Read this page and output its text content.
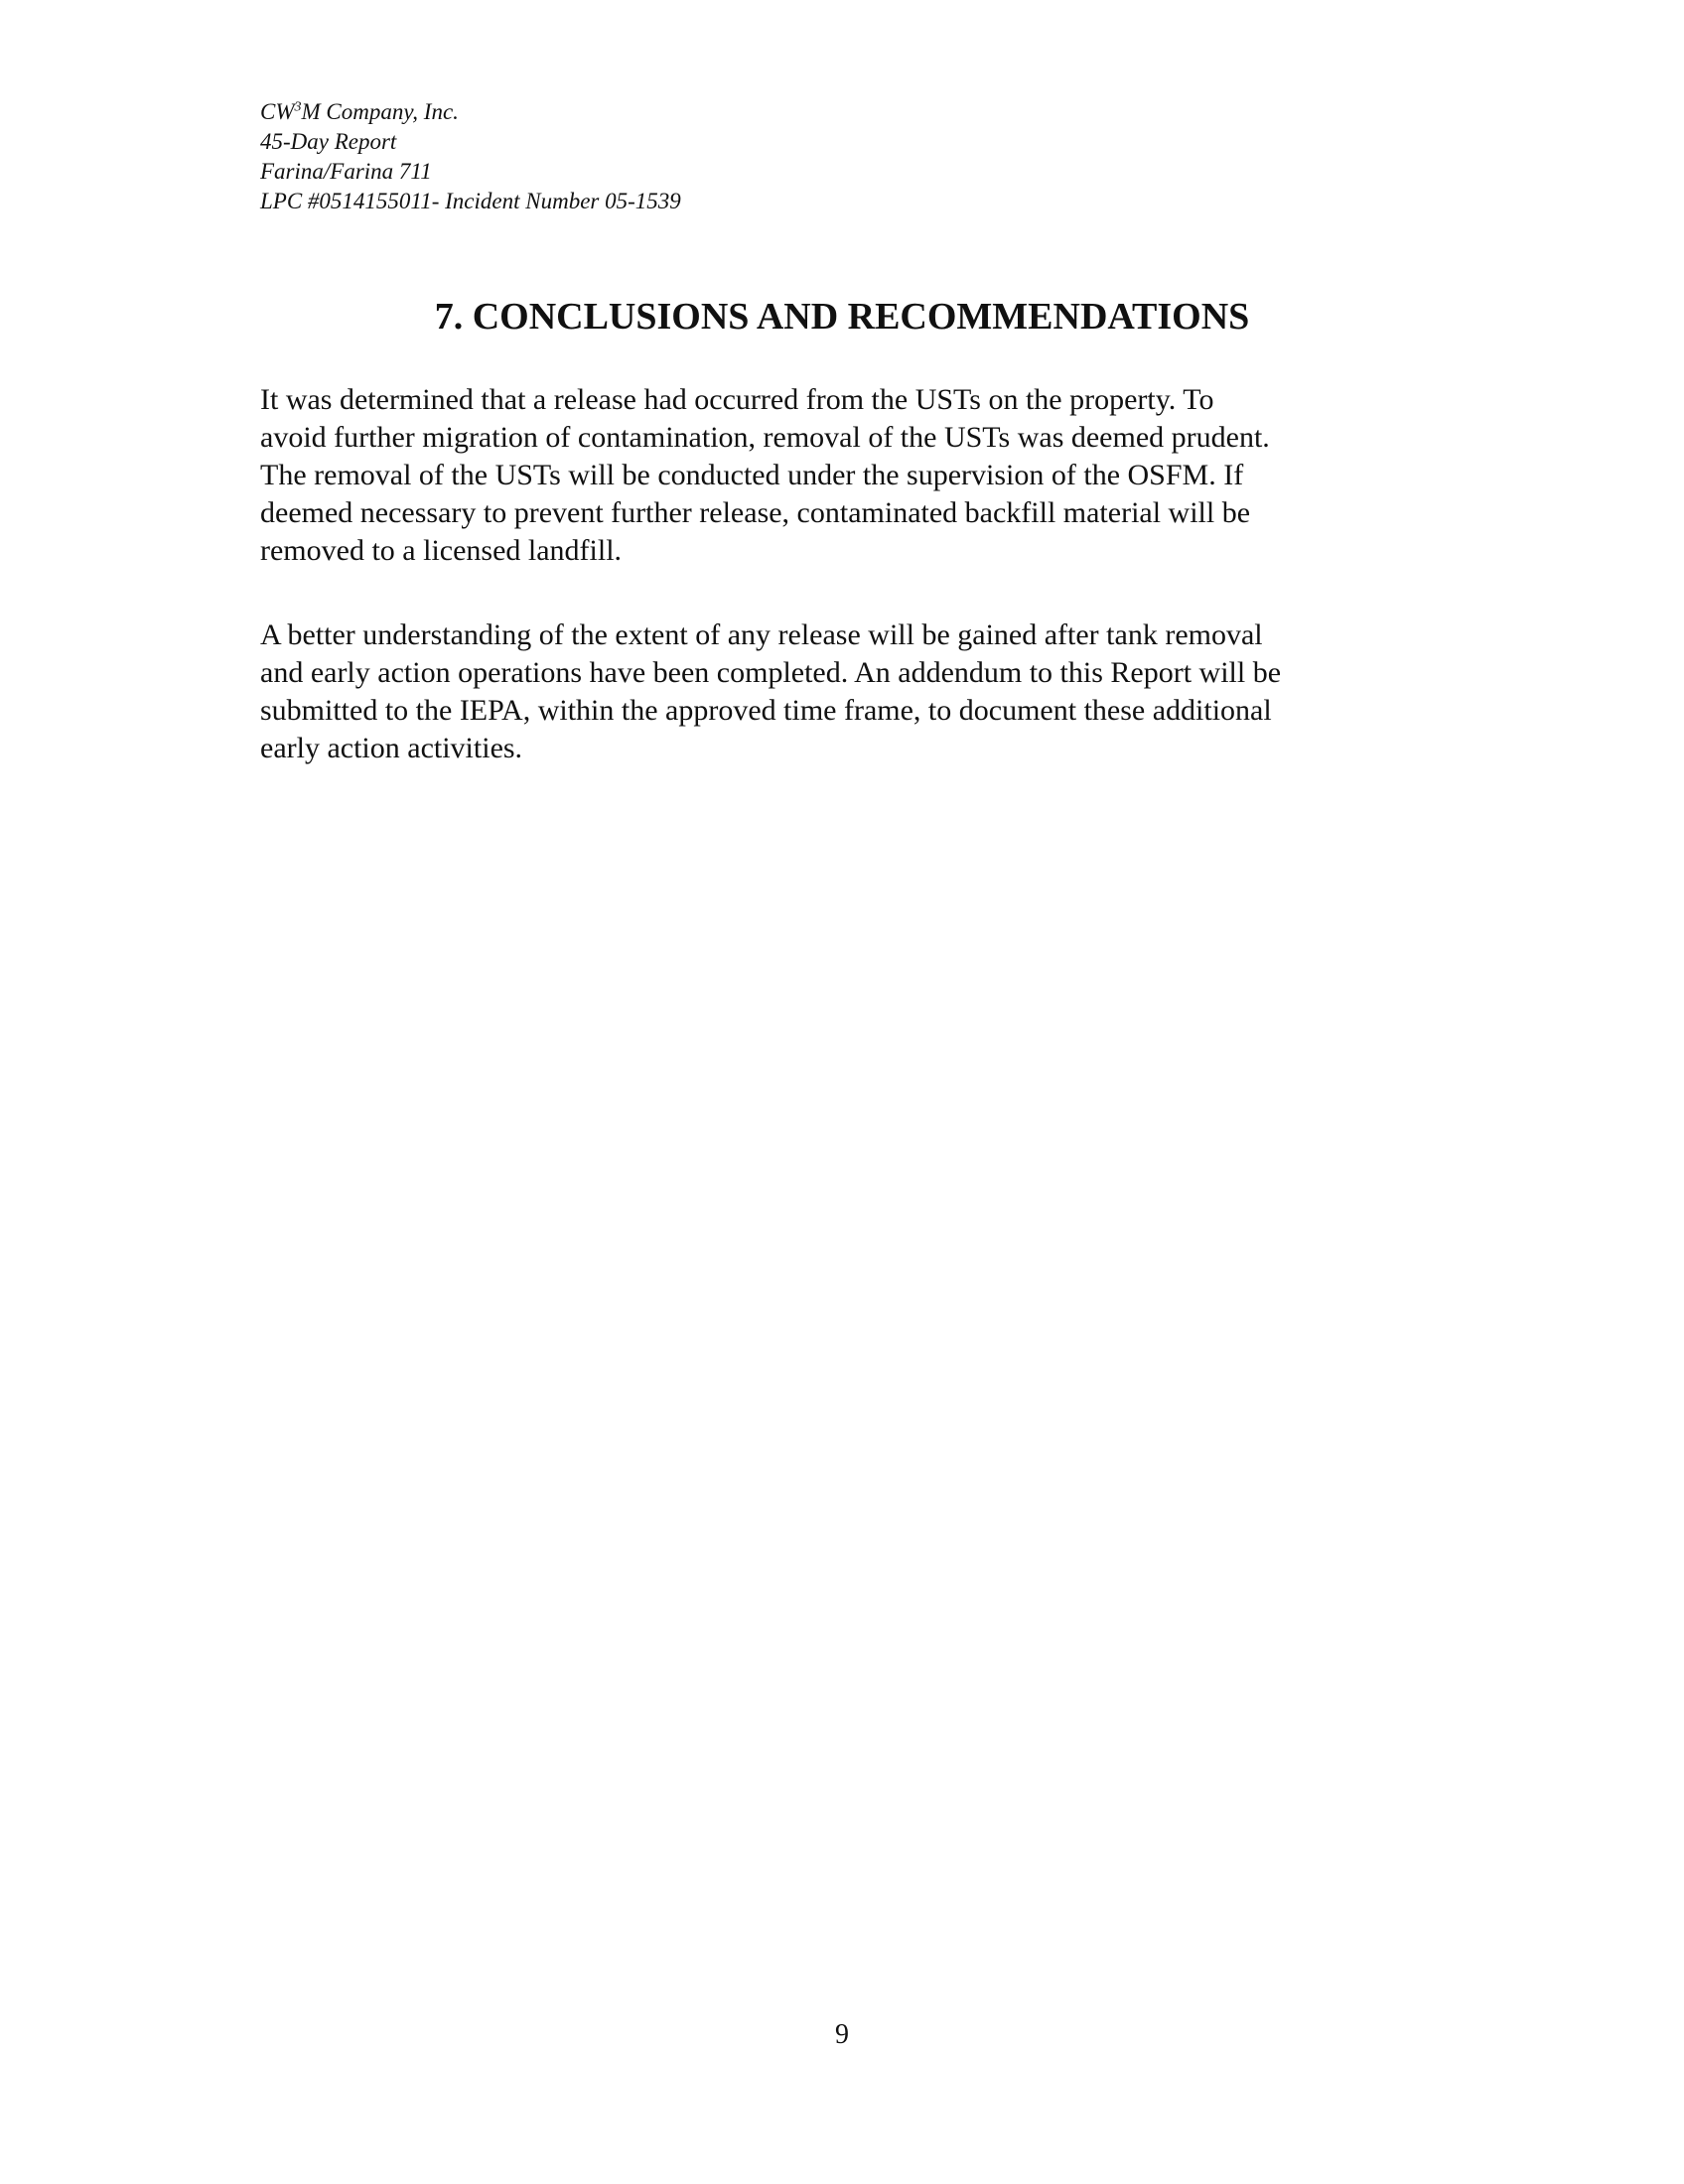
$CW^3M$ Company, Inc.
45-Day Report
Farina/Farina 711
LPC #0514155011- Incident Number 05-1539
7. CONCLUSIONS AND RECOMMENDATIONS

It was determined that a release had occurred from the USTs on the property. To
avoid further migration of contamination, removal of the USTs was deemed prudent.
The removal of the USTs will be conducted under the supervision of the OSFM. If
deemed necessary to prevent further release, contaminated backfill material will be
removed to a licensed landfill.

A better understanding of the extent of any release will be gained after tank removal
and early action operations have been completed. An addendum to this Report will be
submitted to the IEPA, within the approved time frame, to document these additional
early action activities.

9
